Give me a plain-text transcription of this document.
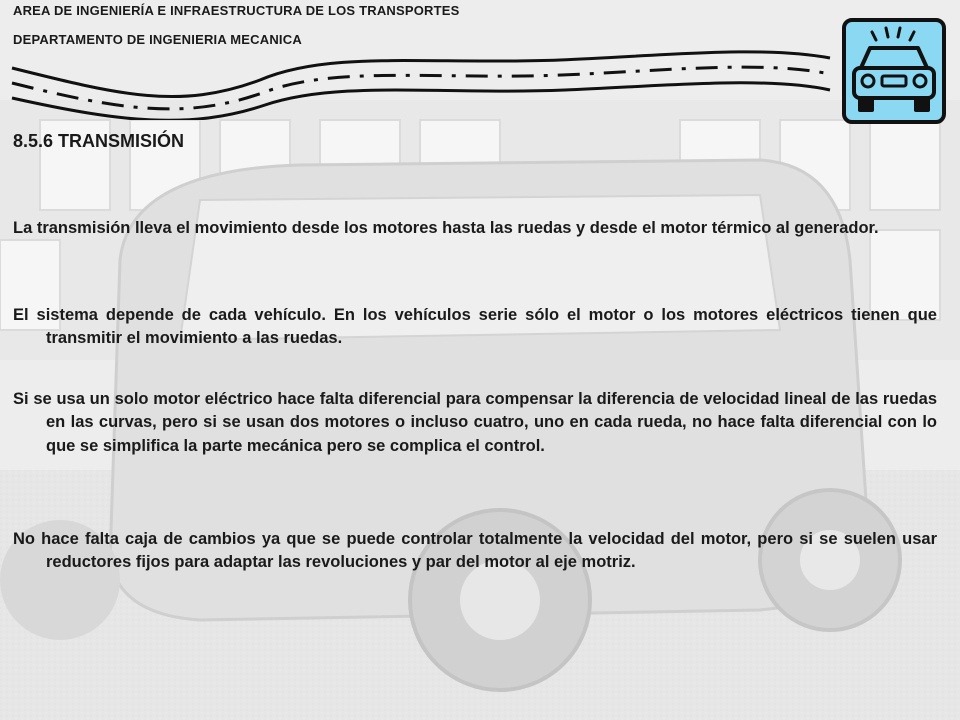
AREA DE INGENIERÍA E INFRAESTRUCTURA DE LOS TRANSPORTES
DEPARTAMENTO DE INGENIERIA MECANICA
8.5.6 TRANSMISIÓN

La transmisión lleva el movimiento desde los motores hasta las ruedas y desde el motor térmico al generador.

El sistema depende de cada vehículo. En los vehículos serie sólo el motor o los motores eléctricos tienen que transmitir el movimiento a las ruedas.

Si se usa un solo motor eléctrico hace falta diferencial para compensar la diferencia de velocidad lineal de las ruedas en las curvas, pero si se usan dos motores o incluso cuatro, uno en cada rueda, no hace falta diferencial con lo que se simplifica la parte mecánica pero se complica el control.

No hace falta caja de cambios ya que se puede controlar totalmente la velocidad del motor, pero si se suelen usar reductores fijos para adaptar las revoluciones y par del motor al eje motriz.
